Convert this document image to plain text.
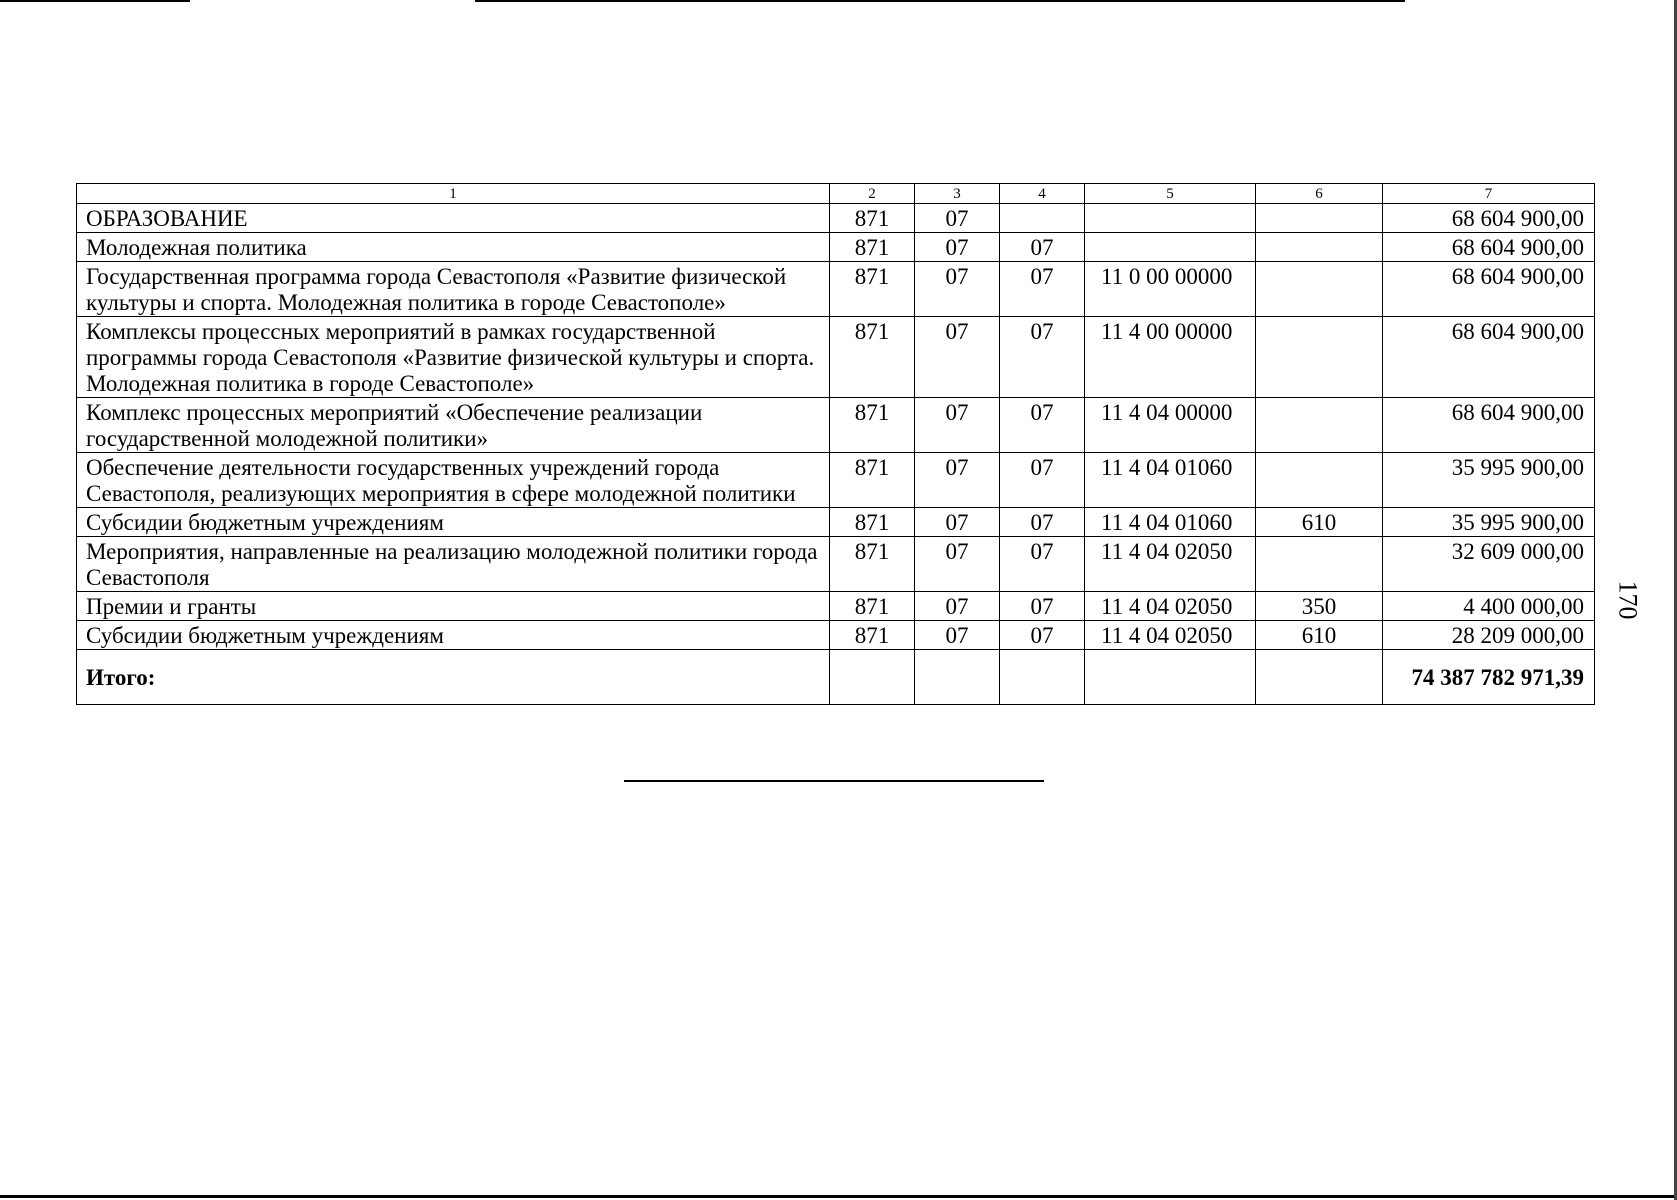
1	2	3	4	5	6	7
ОБРАЗОВАНИЕ	871	07				68 604 900,00
Молодежная политика	871	07	07			68 604 900,00
Государственная программа города Севастополя «Развитие физической культуры и спорта. Молодежная политика в городе Севастополе»	871	07	07	11 0 00 00000		68 604 900,00
Комплексы процессных мероприятий в рамках государственной программы города Севастополя «Развитие физической культуры и спорта. Молодежная политика в городе Севастополе»	871	07	07	11 4 00 00000		68 604 900,00
Комплекс процессных мероприятий «Обеспечение реализации государственной молодежной политики»	871	07	07	11 4 04 00000		68 604 900,00
Обеспечение деятельности государственных учреждений города Севастополя, реализующих мероприятия в сфере молодежной политики	871	07	07	11 4 04 01060		35 995 900,00
Субсидии бюджетным учреждениям	871	07	07	11 4 04 01060	610	35 995 900,00
Мероприятия, направленные на реализацию молодежной политики города Севастополя	871	07	07	11 4 04 02050		32 609 000,00
Премии и гранты	871	07	07	11 4 04 02050	350	4 400 000,00
Субсидии бюджетным учреждениям	871	07	07	11 4 04 02050	610	28 209 000,00
Итого:						74 387 782 971,39
170
